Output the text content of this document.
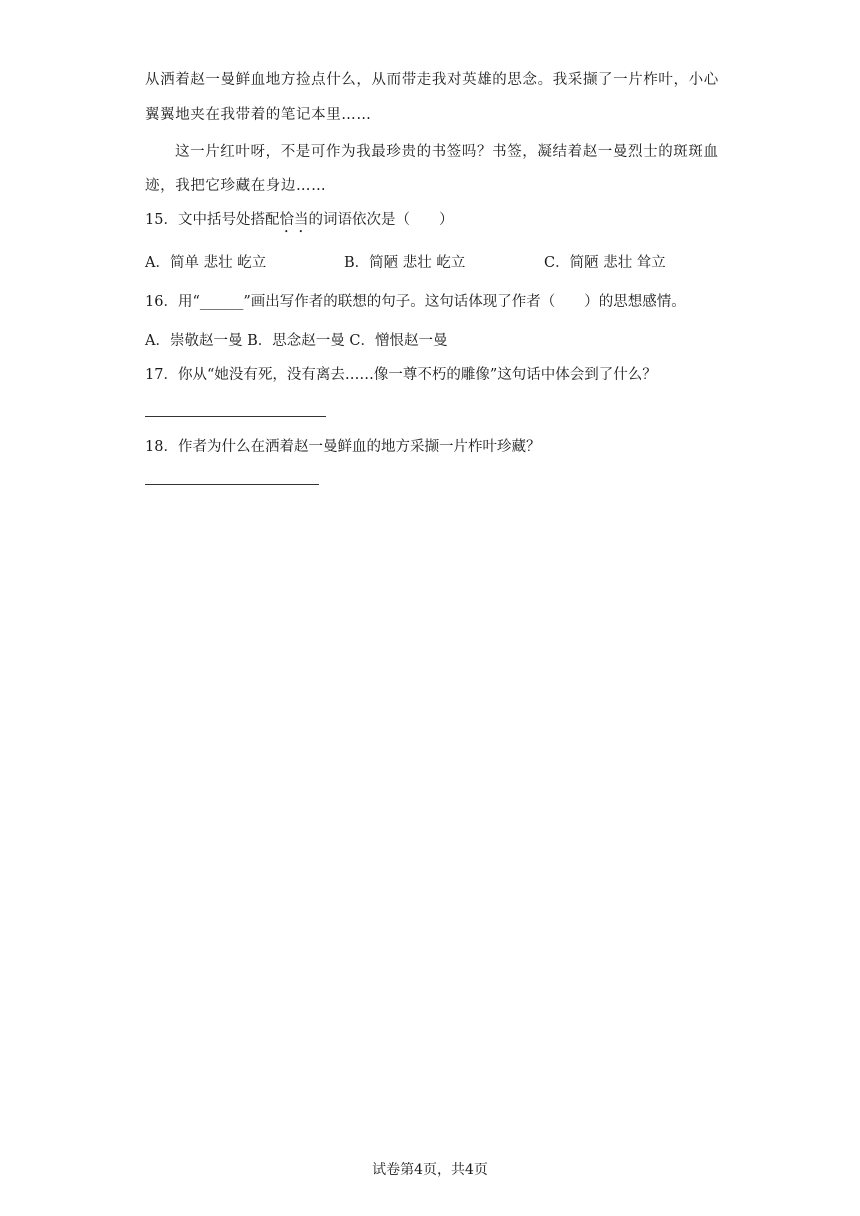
从洒着赵一曼鲜血地方捡点什么，从而带走我对英雄的思念。我采撷了一片柞叶，小心
翼翼地夹在我带着的笔记本里……
这一片红叶呀，不是可作为我最珍贵的书签吗？书签，凝结着赵一曼烈士的斑斑血
迹，我把它珍藏在身边……
15．文中括号处搭配恰当的词语依次是（　　）
A．简单 悲壮 屹立	B．简陋 悲壮 屹立	C．简陋 悲壮 耸立
16．用“______”画出写作者的联想的句子。这句话体现了作者（　　）的思想感情。
A．崇敬赵一曼 B．思念赵一曼 C．憎恨赵一曼
17．你从“她没有死，没有离去……像一尊不朽的雕像”这句话中体会到了什么？
18．作者为什么在洒着赵一曼鲜血的地方采撷一片柞叶珍藏？
试卷第4页，共4页
